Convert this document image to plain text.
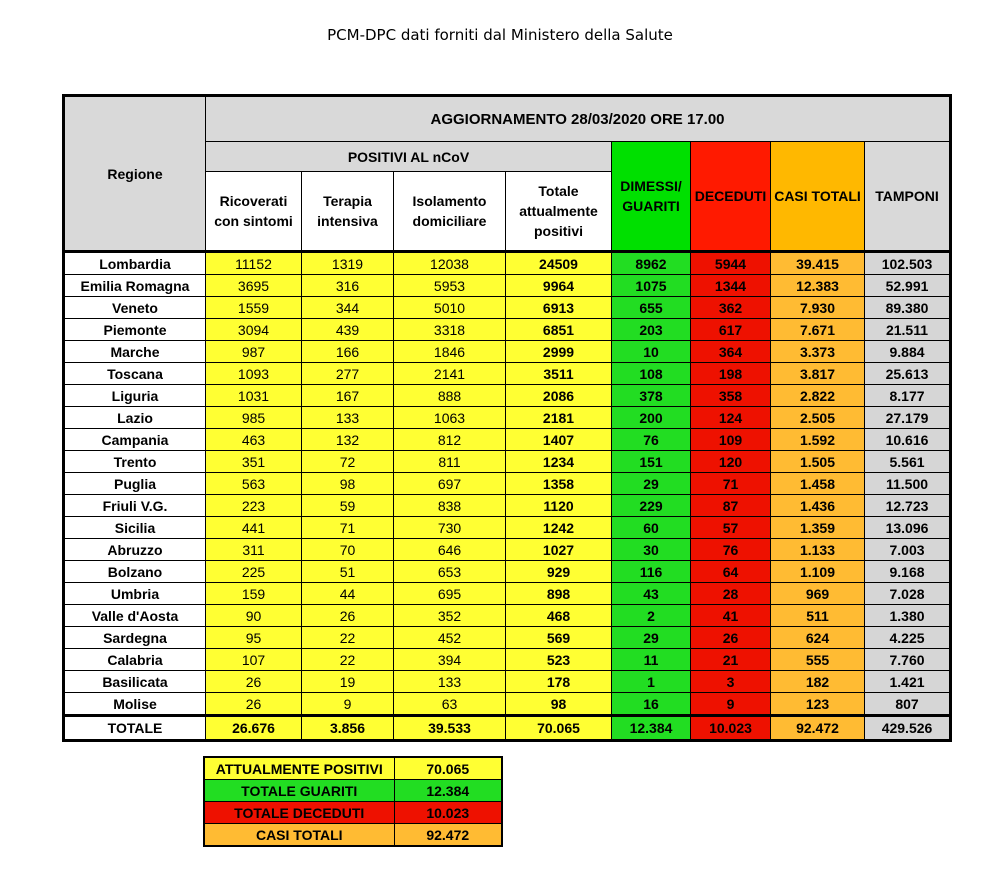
PCM-DPC dati forniti dal Ministero della Salute
Regione	AGGIORNAMENTO 28/03/2020 ORE 17.00							
	POSITIVI AL nCoV				DIMESSI/ GUARITI	DECEDUTI	CASI TOTALI	TAMPONI
	Ricoverati con sintomi	Terapia intensiva	Isolamento domiciliare	Totale attualmente positivi				
Lombardia	11152	1319	12038	24509	8962	5944	39.415	102.503
Emilia Romagna	3695	316	5953	9964	1075	1344	12.383	52.991
Veneto	1559	344	5010	6913	655	362	7.930	89.380
Piemonte	3094	439	3318	6851	203	617	7.671	21.511
Marche	987	166	1846	2999	10	364	3.373	9.884
Toscana	1093	277	2141	3511	108	198	3.817	25.613
Liguria	1031	167	888	2086	378	358	2.822	8.177
Lazio	985	133	1063	2181	200	124	2.505	27.179
Campania	463	132	812	1407	76	109	1.592	10.616
Trento	351	72	811	1234	151	120	1.505	5.561
Puglia	563	98	697	1358	29	71	1.458	11.500
Friuli V.G.	223	59	838	1120	229	87	1.436	12.723
Sicilia	441	71	730	1242	60	57	1.359	13.096
Abruzzo	311	70	646	1027	30	76	1.133	7.003
Bolzano	225	51	653	929	116	64	1.109	9.168
Umbria	159	44	695	898	43	28	969	7.028
Valle d'Aosta	90	26	352	468	2	41	511	1.380
Sardegna	95	22	452	569	29	26	624	4.225
Calabria	107	22	394	523	11	21	555	7.760
Basilicata	26	19	133	178	1	3	182	1.421
Molise	26	9	63	98	16	9	123	807
TOTALE	26.676	3.856	39.533	70.065	12.384	10.023	92.472	429.526
ATTUALMENTE POSITIVI	70.065
TOTALE GUARITI	12.384
TOTALE DECEDUTI	10.023
CASI TOTALI	92.472
